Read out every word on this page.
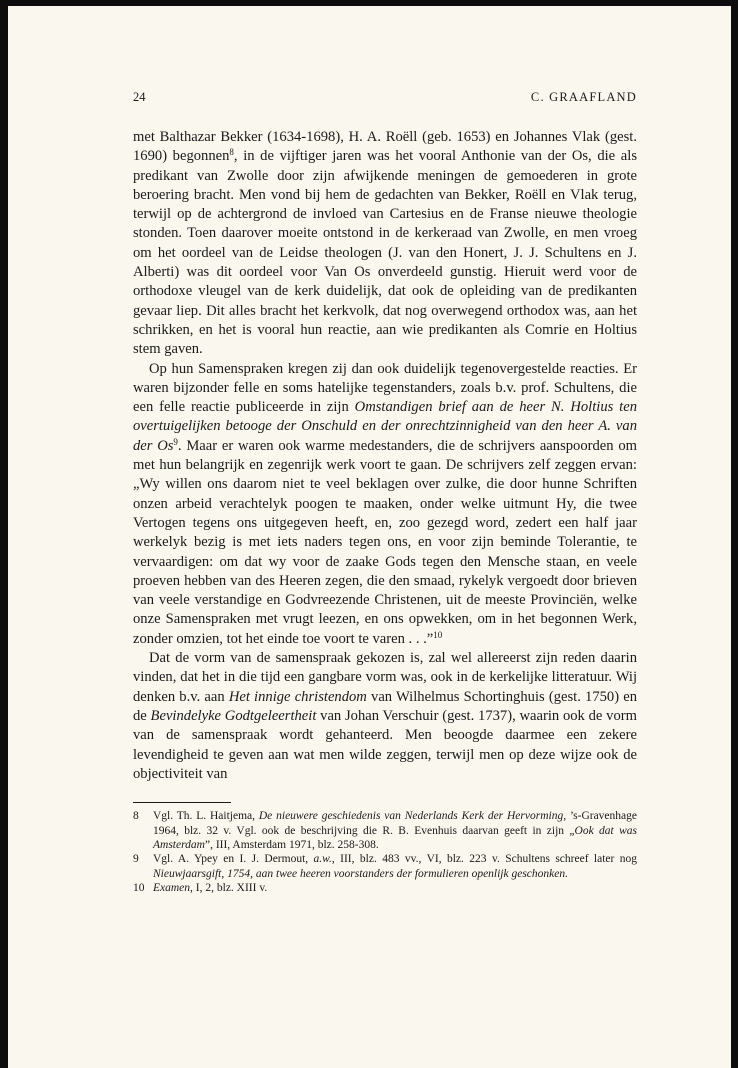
24	C. GRAAFLAND

met Balthazar Bekker (1634-1698), H. A. Roëll (geb. 1653) en Johannes Vlak (gest. 1690) begonnen$^8$, in de vijftiger jaren was het vooral Anthonie van der Os, die als predikant van Zwolle door zijn afwijkende meningen de gemoederen in grote beroering bracht. Men vond bij hem de gedachten van Bekker, Roëll en Vlak terug, terwijl op de achtergrond de invloed van Cartesius en de Franse nieuwe theologie stonden. Toen daarover moeite ontstond in de kerkeraad van Zwolle, en men vroeg om het oordeel van de Leidse theologen (J. van den Honert, J. J. Schultens en J. Alberti) was dit oordeel voor Van Os onverdeeld gunstig. Hieruit werd voor de orthodoxe vleugel van de kerk duidelijk, dat ook de opleiding van de predikanten gevaar liep. Dit alles bracht het kerkvolk, dat nog overwegend orthodox was, aan het schrikken, en het is vooral hun reactie, aan wie predikanten als Comrie en Holtius stem gaven.

Op hun Samenspraken kregen zij dan ook duidelijk tegenovergestelde reacties. Er waren bijzonder felle en soms hatelijke tegenstanders, zoals b.v. prof. Schultens, die een felle reactie publiceerde in zijn Omstandigen brief aan de heer N. Holtius ten overtuigelijken betooge der Onschuld en der onrechtzinnigheid van den heer A. van der Os$^9$. Maar er waren ook warme medestanders, die de schrijvers aanspoorden om met hun belangrijk en zegenrijk werk voort te gaan. De schrijvers zelf zeggen ervan: „Wy willen ons daarom niet te veel beklagen over zulke, die door hunne Schriften onzen arbeid verachtelyk poogen te maaken, onder welke uitmunt Hy, die twee Vertogen tegens ons uitgegeven heeft, en, zoo gezegd word, zedert een half jaar werkelyk bezig is met iets naders tegen ons, en voor zijn beminde Tolerantie, te vervaardigen: om dat wy voor de zaake Gods tegen den Mensche staan, en veele proeven hebben van des Heeren zegen, die den smaad, rykelyk vergoedt door brieven van veele verstandige en Godvreezende Christenen, uit de meeste Provinciën, welke onze Samenspraken met vrugt leezen, en ons opwekken, om in het begonnen Werk, zonder omzien, tot het einde toe voort te varen . . .”$^{10}$

Dat de vorm van de samenspraak gekozen is, zal wel allereerst zijn reden daarin vinden, dat het in die tijd een gangbare vorm was, ook in de kerkelijke litteratuur. Wij denken b.v. aan Het innige christendom van Wilhelmus Schortinghuis (gest. 1750) en de Bevindelyke Godtgeleertheit van Johan Verschuir (gest. 1737), waarin ook de vorm van de samenspraak wordt gehanteerd. Men beoogde daarmee een zekere levendigheid te geven aan wat men wilde zeggen, terwijl men op deze wijze ook de objectiviteit van

8	Vgl. Th. L. Haitjema, De nieuwere geschiedenis van Nederlands Kerk der Hervorming, ’s-Gravenhage 1964, blz. 32 v. Vgl. ook de beschrijving die R. B. Evenhuis daarvan geeft in zijn „Ook dat was Amsterdam”, III, Amsterdam 1971, blz. 258-308.
9	Vgl. A. Ypey en I. J. Dermout, a.w., III, blz. 483 vv., VI, blz. 223 v. Schultens schreef later nog Nieuwjaarsgift, 1754, aan twee heeren voorstanders der formulieren openlijk geschonken.
10 Examen, I, 2, blz. XIII v.
